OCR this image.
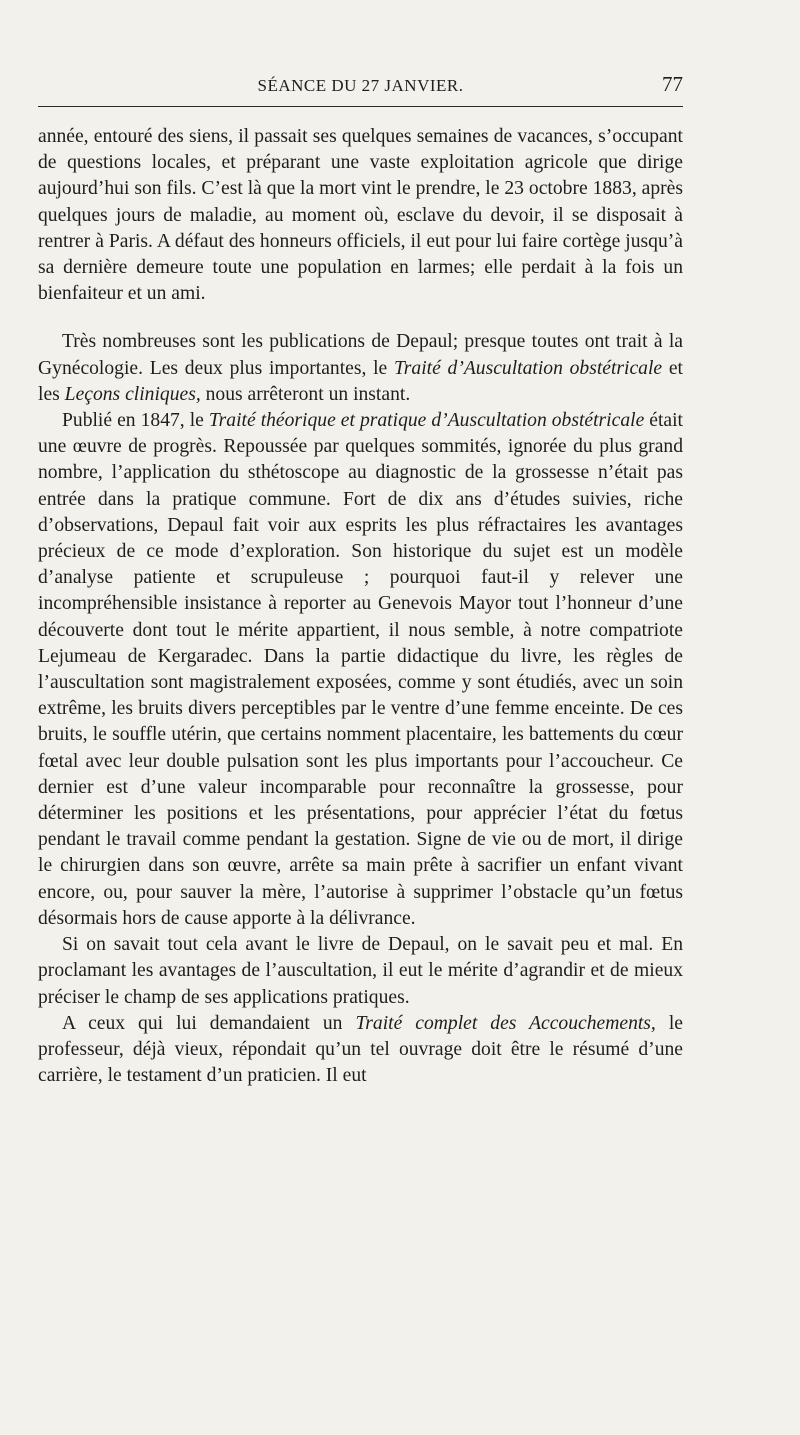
SÉANCE DU 27 JANVIER.	77

année, entouré des siens, il passait ses quelques semaines de vacances, s’occupant de questions locales, et préparant une vaste exploitation agricole que dirige aujourd’hui son fils. C’est là que la mort vint le prendre, le 23 octobre 1883, après quelques jours de maladie, au moment où, esclave du devoir, il se disposait à rentrer à Paris. A défaut des honneurs officiels, il eut pour lui faire cortège jusqu’à sa dernière demeure toute une population en larmes; elle perdait à la fois un bienfaiteur et un ami.

Très nombreuses sont les publications de Depaul; presque toutes ont trait à la Gynécologie. Les deux plus importantes, le Traité d’Auscultation obstétricale et les Leçons cliniques, nous arrêteront un instant.

Publié en 1847, le Traité théorique et pratique d’Auscultation obstétricale était une œuvre de progrès. Repoussée par quelques sommités, ignorée du plus grand nombre, l’application du sthétoscope au diagnostic de la grossesse n’était pas entrée dans la pratique commune. Fort de dix ans d’études suivies, riche d’observations, Depaul fait voir aux esprits les plus réfractaires les avantages précieux de ce mode d’exploration. Son historique du sujet est un modèle d’analyse patiente et scrupuleuse ; pourquoi faut-il y relever une incompréhensible insistance à reporter au Genevois Mayor tout l’honneur d’une découverte dont tout le mérite appartient, il nous semble, à notre compatriote Lejumeau de Kergaradec. Dans la partie didactique du livre, les règles de l’auscultation sont magistralement exposées, comme y sont étudiés, avec un soin extrême, les bruits divers perceptibles par le ventre d’une femme enceinte. De ces bruits, le souffle utérin, que certains nomment placentaire, les battements du cœur fœtal avec leur double pulsation sont les plus importants pour l’accoucheur. Ce dernier est d’une valeur incomparable pour reconnaître la grossesse, pour déterminer les positions et les présentations, pour apprécier l’état du fœtus pendant le travail comme pendant la gestation. Signe de vie ou de mort, il dirige le chirurgien dans son œuvre, arrête sa main prête à sacrifier un enfant vivant encore, ou, pour sauver la mère, l’autorise à supprimer l’obstacle qu’un fœtus désormais hors de cause apporte à la délivrance.

Si on savait tout cela avant le livre de Depaul, on le savait peu et mal. En proclamant les avantages de l’auscultation, il eut le mérite d’agrandir et de mieux préciser le champ de ses applications pratiques.

A ceux qui lui demandaient un Traité complet des Accouchements, le professeur, déjà vieux, répondait qu’un tel ouvrage doit être le résumé d’une carrière, le testament d’un praticien. Il eut
